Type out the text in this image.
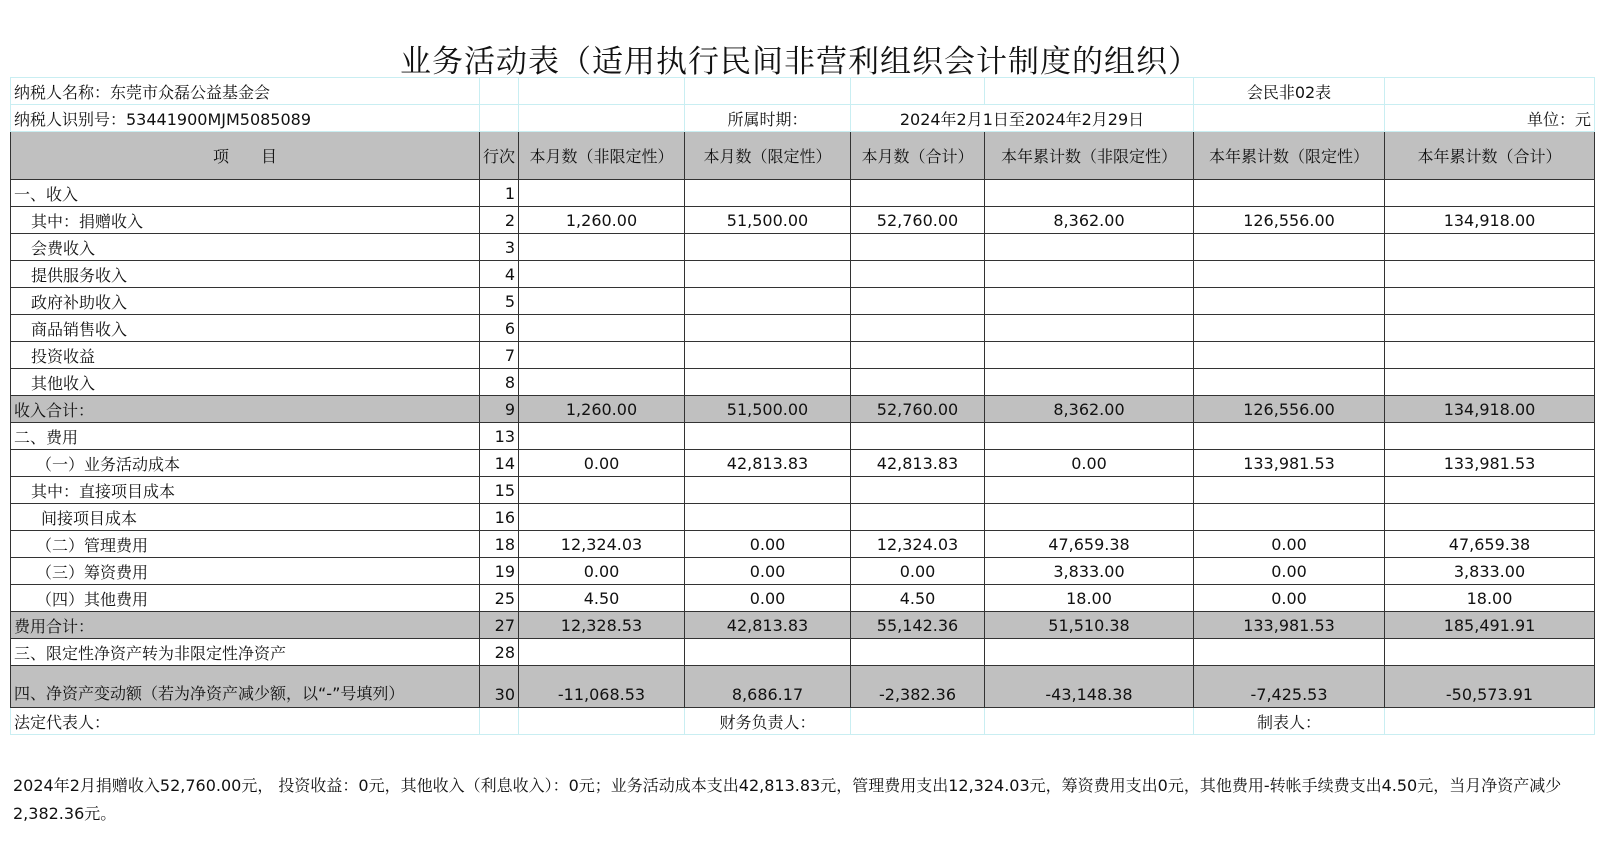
业务活动表（适用执行民间非营利组织会计制度的组织）
纳税人名称：东莞市众磊公益基金会						会民非02表	
纳税人识别号：53441900MJM5085089			所属时期：	2024年2月1日至2024年2月29日			单位：元
项　　目	行次	本月数（非限定性）	本月数（限定性）	本月数（合计）	本年累计数（非限定性）	本年累计数（限定性）	本年累计数（合计）
一、收入	1						
其中：捐赠收入	2	1,260.00	51,500.00	52,760.00	8,362.00	126,556.00	134,918.00
会费收入	3						
提供服务收入	4						
政府补助收入	5						
商品销售收入	6						
投资收益	7						
其他收入	8						
收入合计：	9	1,260.00	51,500.00	52,760.00	8,362.00	126,556.00	134,918.00
二、费用	13						
（一）业务活动成本	14	0.00	42,813.83	42,813.83	0.00	133,981.53	133,981.53
其中：直接项目成本	15						
间接项目成本	16						
（二）管理费用	18	12,324.03	0.00	12,324.03	47,659.38	0.00	47,659.38
（三）筹资费用	19	0.00	0.00	0.00	3,833.00	0.00	3,833.00
（四）其他费用	25	4.50	0.00	4.50	18.00	0.00	18.00
费用合计：	27	12,328.53	42,813.83	55,142.36	51,510.38	133,981.53	185,491.91
三、限定性净资产转为非限定性净资产	28						
四、净资产变动额（若为净资产减少额，以“-”号填列）	30	-11,068.53	8,686.17	-2,382.36	-43,148.38	-7,425.53	-50,573.91
法定代表人：			财务负责人：			制表人：	
2024年2月捐赠收入52,760.00元， 投资收益：0元，其他收入（利息收入）：0元；业务活动成本支出42,813.83元，管理费用支出12,324.03元，筹资费用支出0元，其他费用-转帐手续费支出4.50元，当月净资产减少2,382.36元。
